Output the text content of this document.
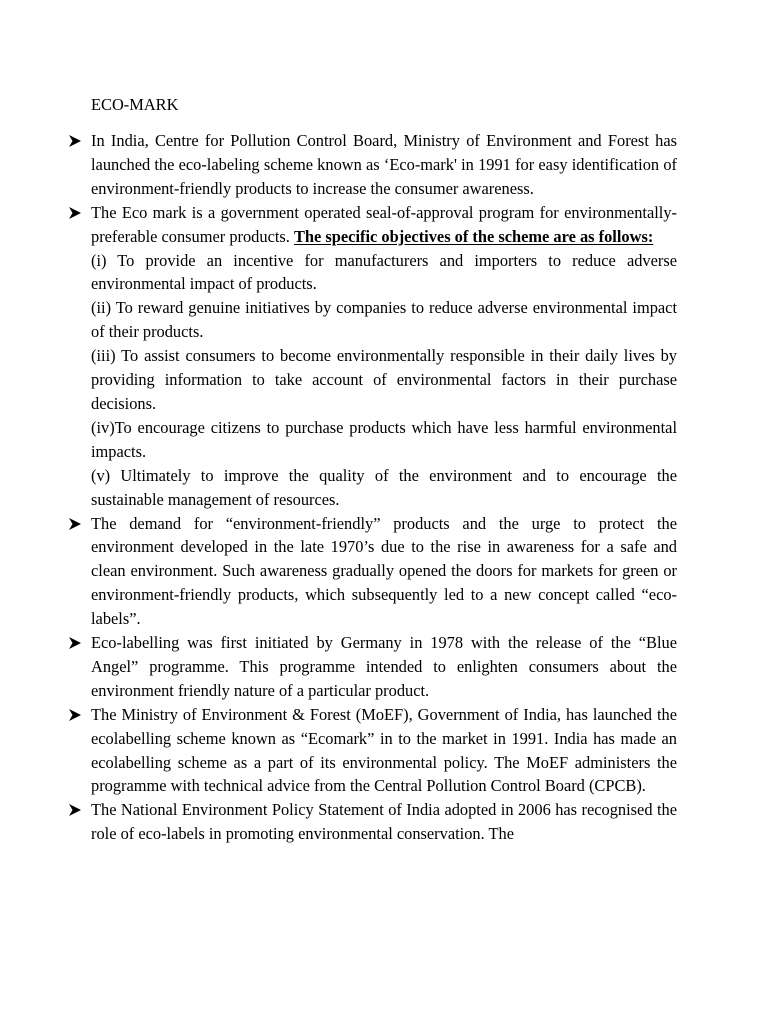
ECO-MARK

In India, Centre for Pollution Control Board, Ministry of Environment and Forest has launched the eco-labeling scheme known as ‘Eco-mark' in 1991 for easy identification of environment-friendly products to increase the consumer awareness.

The Eco mark is a government operated seal-of-approval program for environmentally-preferable consumer products. The specific objectives of the scheme are as follows:

(i) To provide an incentive for manufacturers and importers to reduce adverse environmental impact of products.

(ii) To reward genuine initiatives by companies to reduce adverse environmental impact of their products.

(iii) To assist consumers to become environmentally responsible in their daily lives by providing information to take account of environmental factors in their purchase decisions.

(iv)To encourage citizens to purchase products which have less harmful environmental impacts.

(v) Ultimately to improve the quality of the environment and to encourage the sustainable management of resources.

The demand for “environment-friendly” products and the urge to protect the environment developed in the late 1970’s due to the rise in awareness for a safe and clean environment. Such awareness gradually opened the doors for markets for green or environment-friendly products, which subsequently led to a new concept called “eco-labels”.

Eco-labelling was first initiated by Germany in 1978 with the release of the “Blue Angel” programme. This programme intended to enlighten consumers about the environment friendly nature of a particular product.

The Ministry of Environment & Forest (MoEF), Government of India, has launched the ecolabelling scheme known as “Ecomark” in to the market in 1991. India has made an ecolabelling scheme as a part of its environmental policy. The MoEF administers the programme with technical advice from the Central Pollution Control Board (CPCB).

The National Environment Policy Statement of India adopted in 2006 has recognised the role of eco-labels in promoting environmental conservation. The
